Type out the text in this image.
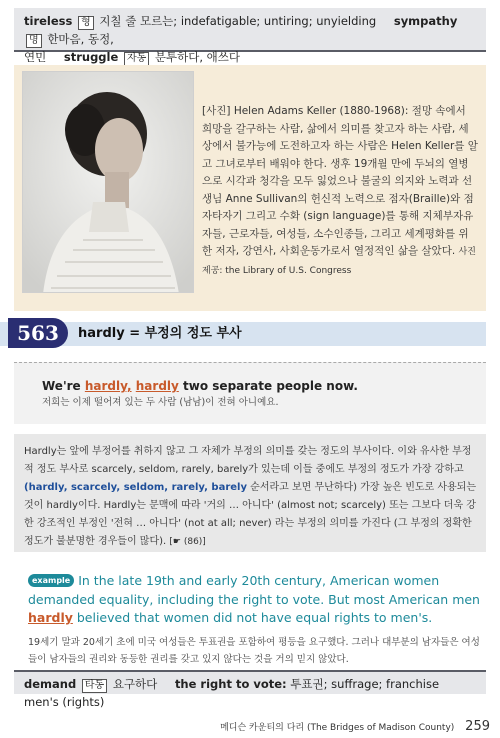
tireless 형 지칠 줄 모르는; indefatigable; untiring; unyielding sympathy 명 한마음, 동정,
연민 struggle 자동 분투하다, 애쓰다
[사진] Helen Adams Keller (1880-1968): 절망 속에서 희망을 갈구하는 사람, 삶에서 의미를 찾고자 하는 사람, 세상에서 불가능에 도전하고자 하는 사람은 Helen Keller를 알고 그녀로부터 배워야 한다. 생후 19개월 만에 두뇌의 열병으로 시각과 청각을 모두 잃었으나 불굴의 의지와 노력과 선생님 Anne Sullivan의 헌신적 노력으로 점자(Braille)와 점자타자기 그리고 수화 (sign language)를 통해 지체부자유자들, 근로자들, 여성들, 소수인종들, 그리고 세계평화를 위한 저자, 강연사, 사회운동가로서 열정적인 삶을 살았다. 사진 제공: the Library of U.S. Congress
563	hardly = 부정의 정도 부사
We're hardly, hardly two separate people now.
저희는 이제 떨어져 있는 두 사람 (남남)이 전혀 아니예요.
Hardly는 앞에 부정어를 취하지 않고 그 자체가 부정의 의미를 갖는 정도의 부사이다. 이와 유사한 부정적 정도 부사로 scarcely, seldom, rarely, barely가 있는데 이들 중에도 부정의 정도가 가장 강하고 (hardly, scarcely, seldom, rarely, barely 순서라고 보면 무난하다) 가장 높은 빈도로 사용되는 것이 hardly이다. Hardly는 문맥에 따라 '거의 … 아니다' (almost not; scarcely) 또는 그보다 더욱 강한 강조적인 부정인 '전혀 … 아니다' (not at all; never) 라는 부정의 의미를 가진다 (그 부정의 정확한 정도가 불분명한 경우들이 많다). [☛ (86)]
example In the late 19th and early 20th century, American women demanded equality, including the right to vote. But most American men hardly believed that women did not have equal rights to men's.
19세기 말과 20세기 초에 미국 여성들은 투표권을 포함하여 평등을 요구했다. 그러나 대부분의 남자들은 여성들이 남자들의 권리와 동등한 권리를 갖고 있지 않다는 것을 거의 믿지 않았다.
demand 타동 요구하다 the right to vote: 투표권; suffrage; franchise men's (rights)
메디슨 카운티의 다리 (The Bridges of Madison County) 259
